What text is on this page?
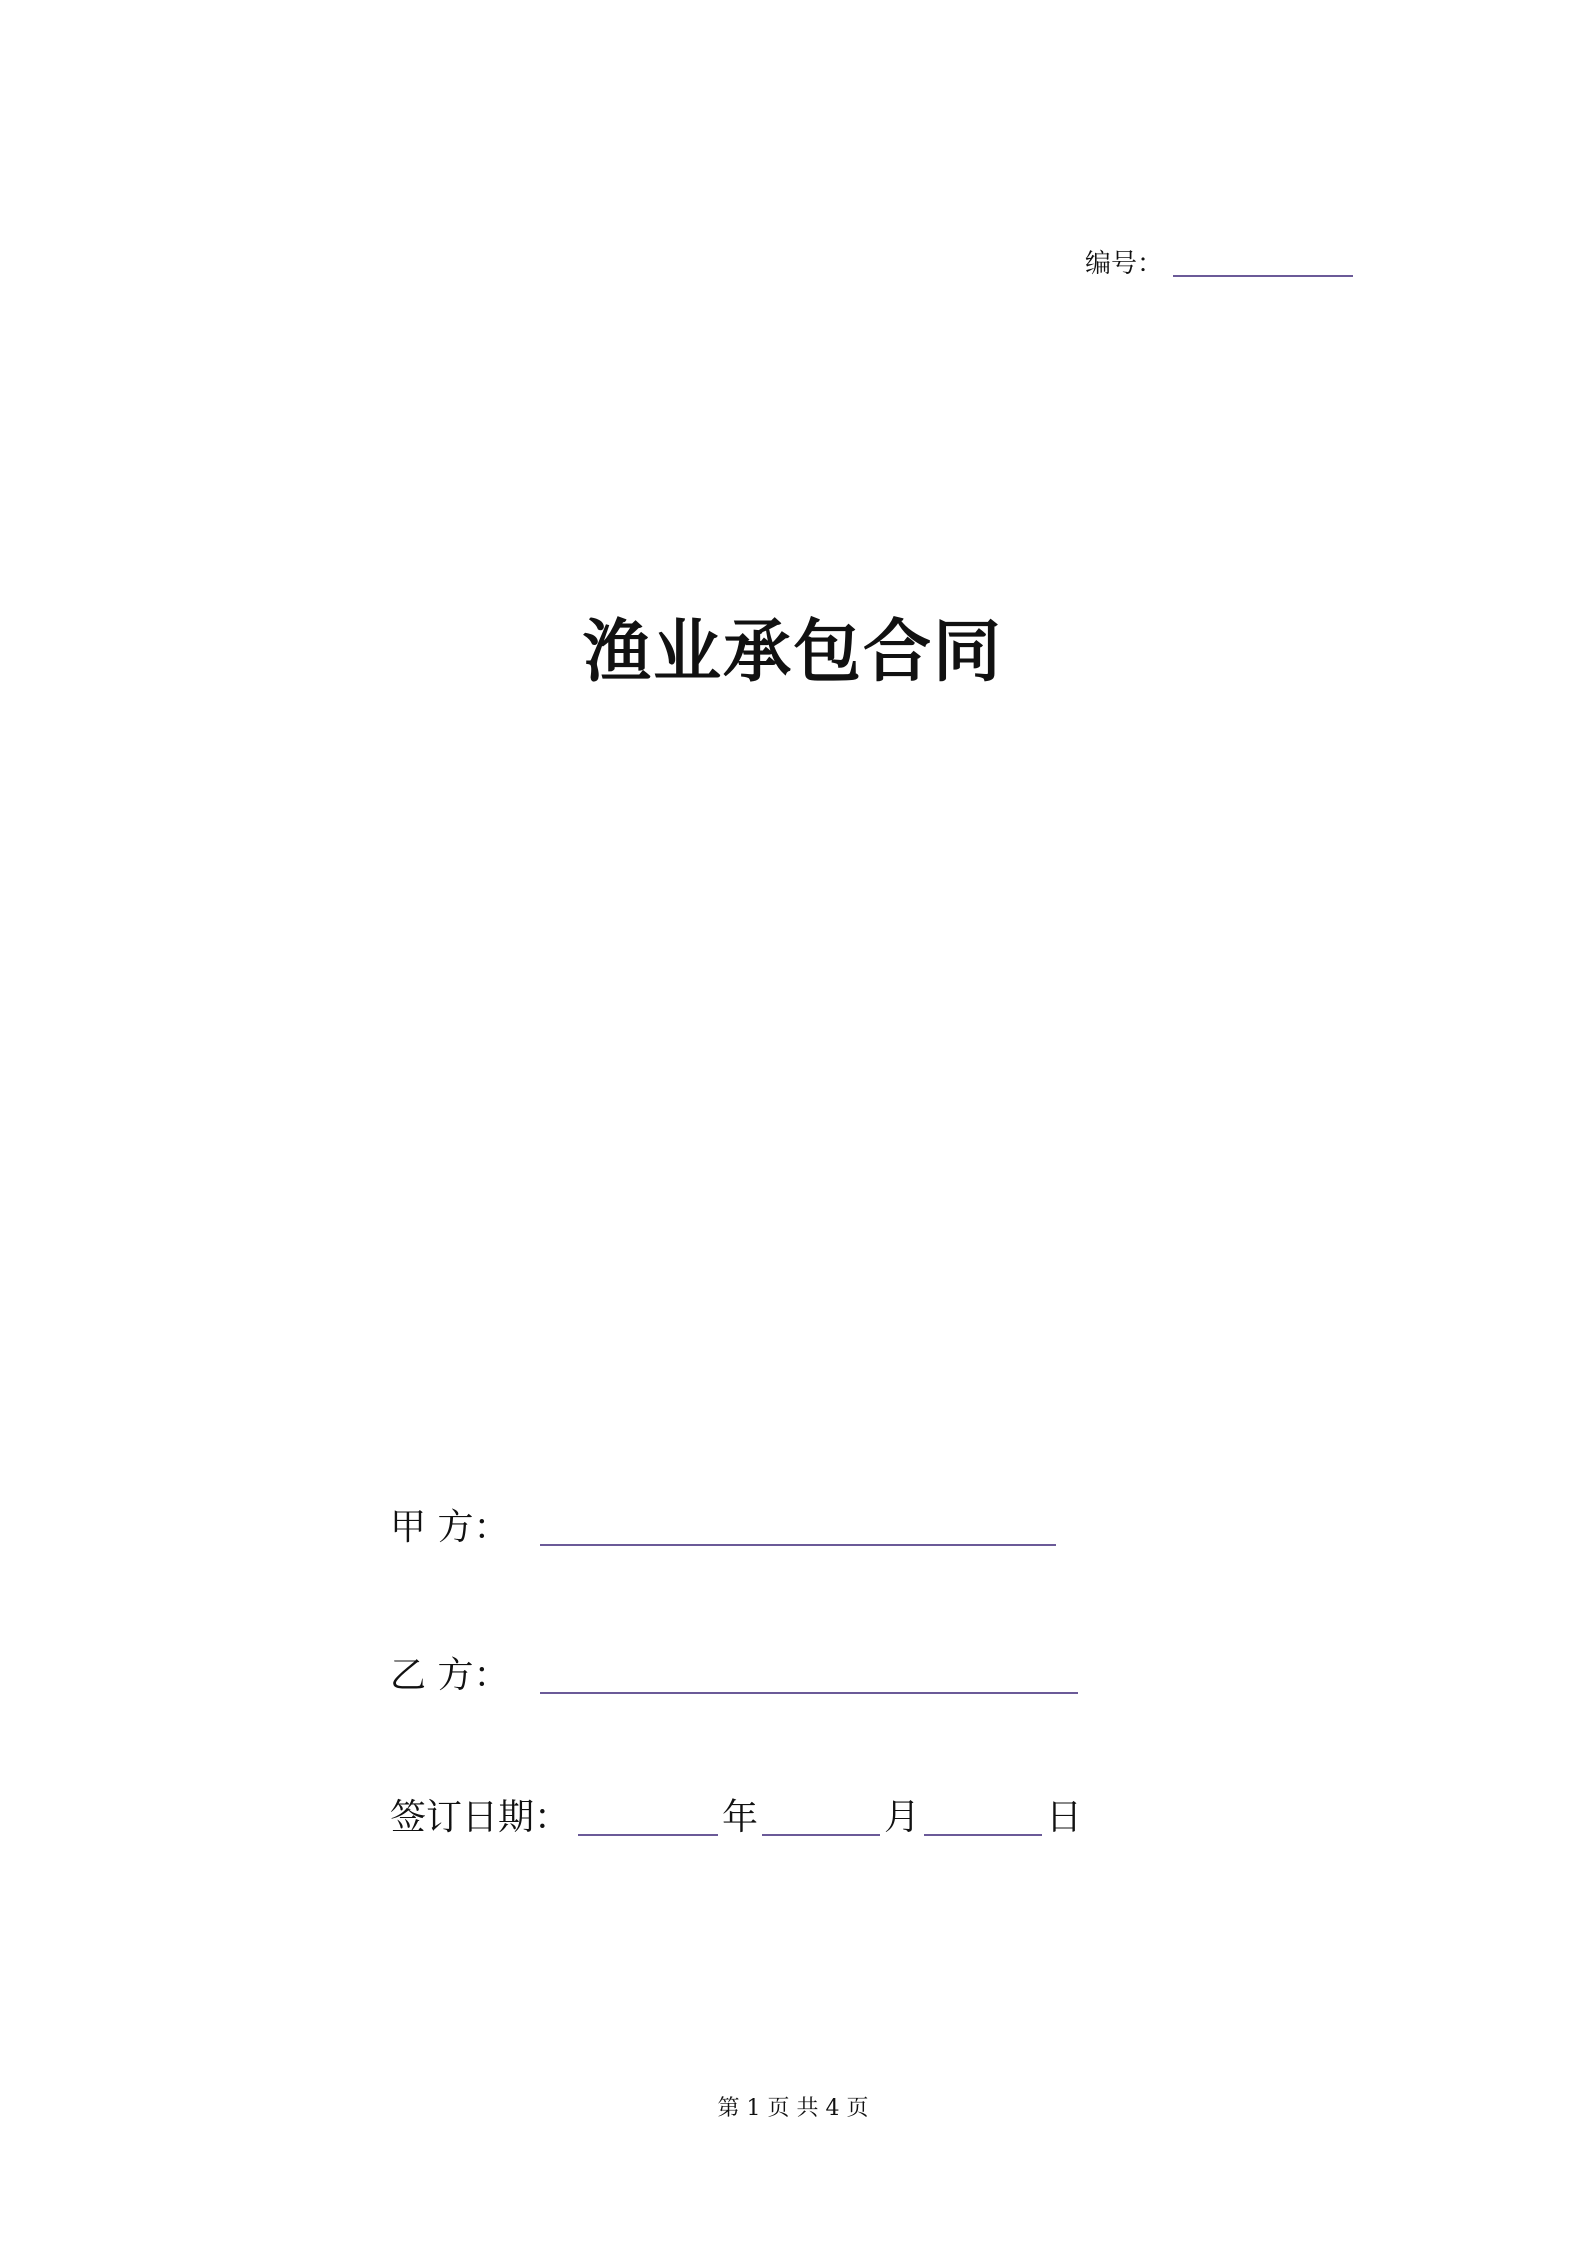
编号：
渔业承包合同
甲 方：
乙 方：
签订日期：	年	月	日
第 1 页 共 4 页
